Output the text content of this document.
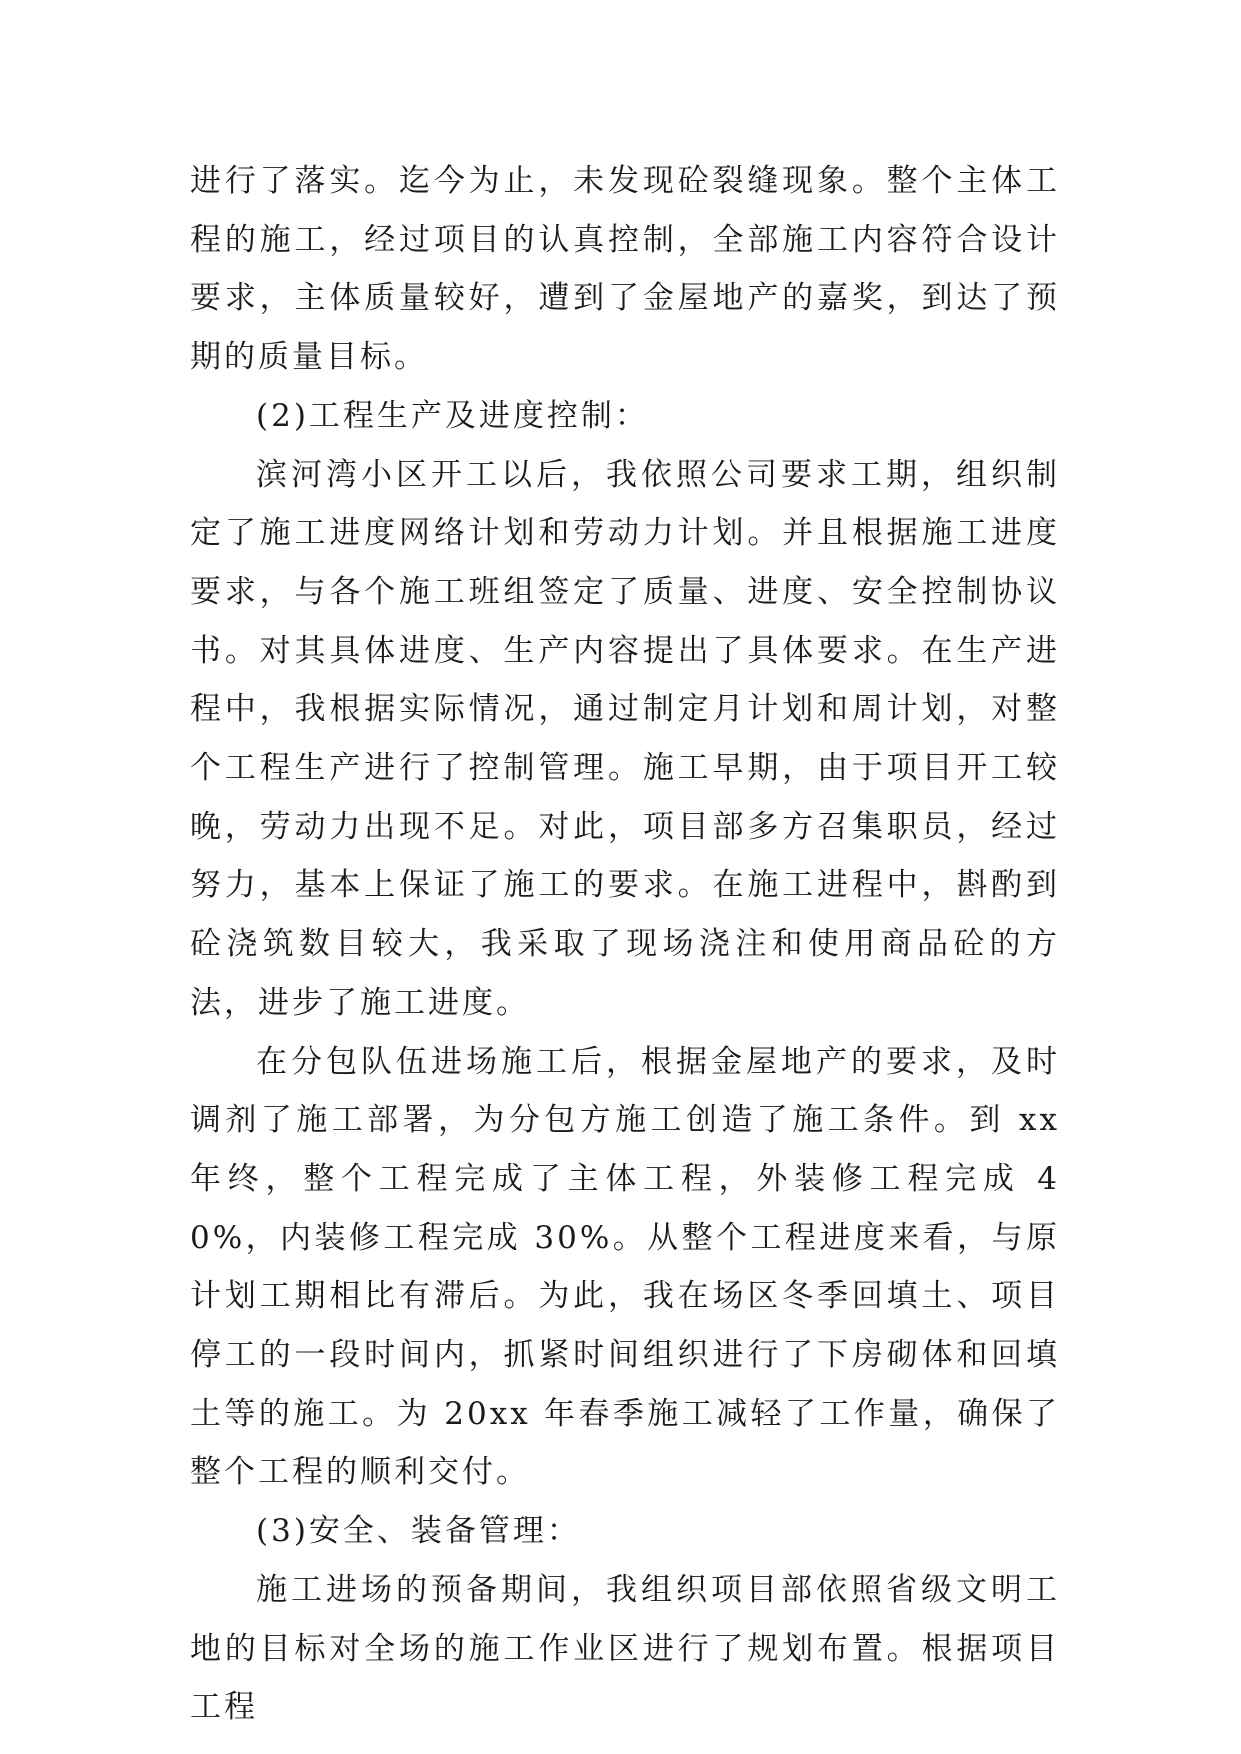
进行了落实。迄今为止，未发现砼裂缝现象。整个主体工程的施工，经过项目的认真控制，全部施工内容符合设计要求，主体质量较好，遭到了金屋地产的嘉奖，到达了预期的质量目标。

(2)工程生产及进度控制：

滨河湾小区开工以后，我依照公司要求工期，组织制定了施工进度网络计划和劳动力计划。并且根据施工进度要求，与各个施工班组签定了质量、进度、安全控制协议书。对其具体进度、生产内容提出了具体要求。在生产进程中，我根据实际情况，通过制定月计划和周计划，对整个工程生产进行了控制管理。施工早期，由于项目开工较晚，劳动力出现不足。对此，项目部多方召集职员，经过努力，基本上保证了施工的要求。在施工进程中，斟酌到砼浇筑数目较大，我采取了现场浇注和使用商品砼的方法，进步了施工进度。

在分包队伍进场施工后，根据金屋地产的要求，及时调剂了施工部署，为分包方施工创造了施工条件。到 xx 年终，整个工程完成了主体工程，外装修工程完成 40%，内装修工程完成 30%。从整个工程进度来看，与原计划工期相比有滞后。为此，我在场区冬季回填土、项目停工的一段时间内，抓紧时间组织进行了下房砌体和回填土等的施工。为 20xx 年春季施工减轻了工作量，确保了整个工程的顺利交付。

(3)安全、装备管理：

施工进场的预备期间，我组织项目部依照省级文明工地的目标对全场的施工作业区进行了规划布置。根据项目工程
